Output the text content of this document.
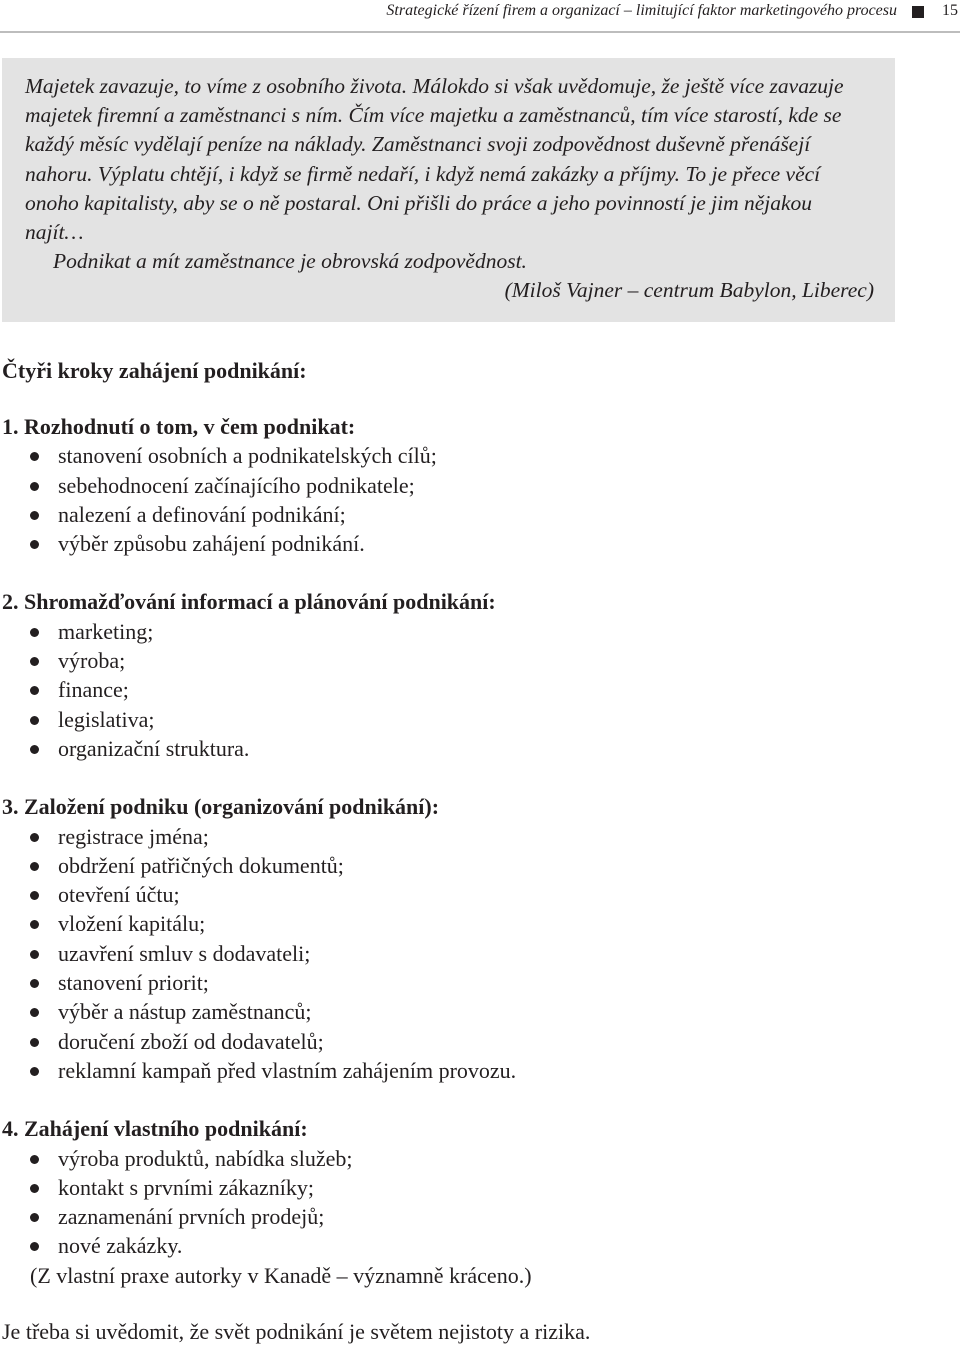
Strategické řízení firem a organizací – limitující faktor marketingového procesu	15

Majetek zavazuje, to víme z osobního života. Málokdo si však uvědomuje, že ještě více zavazuje majetek firemní a zaměstnanci s ním. Čím více majetku a zaměstnanců, tím více starostí, kde se každý měsíc vydělají peníze na náklady. Zaměstnanci svoji zodpovědnost duševně přenášejí nahoru. Výplatu chtějí, i když se firmě nedaří, i když nemá zakázky a příjmy. To je přece věcí onoho kapitalisty, aby se o ně postaral. Oni přišli do práce a jeho povinností je jim nějakou najít…

Podnikat a mít zaměstnance je obrovská zodpovědnost.

(Miloš Vajner – centrum Babylon, Liberec)

Čtyři kroky zahájení podnikání:
1. Rozhodnutí o tom, v čem podnikat:
stanovení osobních a podnikatelských cílů;
sebehodnocení začínajícího podnikatele;
nalezení a definování podnikání;
výběr způsobu zahájení podnikání.
2. Shromažďování informací a plánování podnikání:
marketing;
výroba;
finance;
legislativa;
organizační struktura.
3. Založení podniku (organizování podnikání):
registrace jména;
obdržení patřičných dokumentů;
otevření účtu;
vložení kapitálu;
uzavření smluv s dodavateli;
stanovení priorit;
výběr a nástup zaměstnanců;
doručení zboží od dodavatelů;
reklamní kampaň před vlastním zahájením provozu.
4. Zahájení vlastního podnikání:
výroba produktů, nabídka služeb;
kontakt s prvními zákazníky;
zaznamenání prvních prodejů;
nové zakázky.
(Z vlastní praxe autorky v Kanadě – významně kráceno.)
Je třeba si uvědomit, že svět podnikání je světem nejistoty a rizika.
